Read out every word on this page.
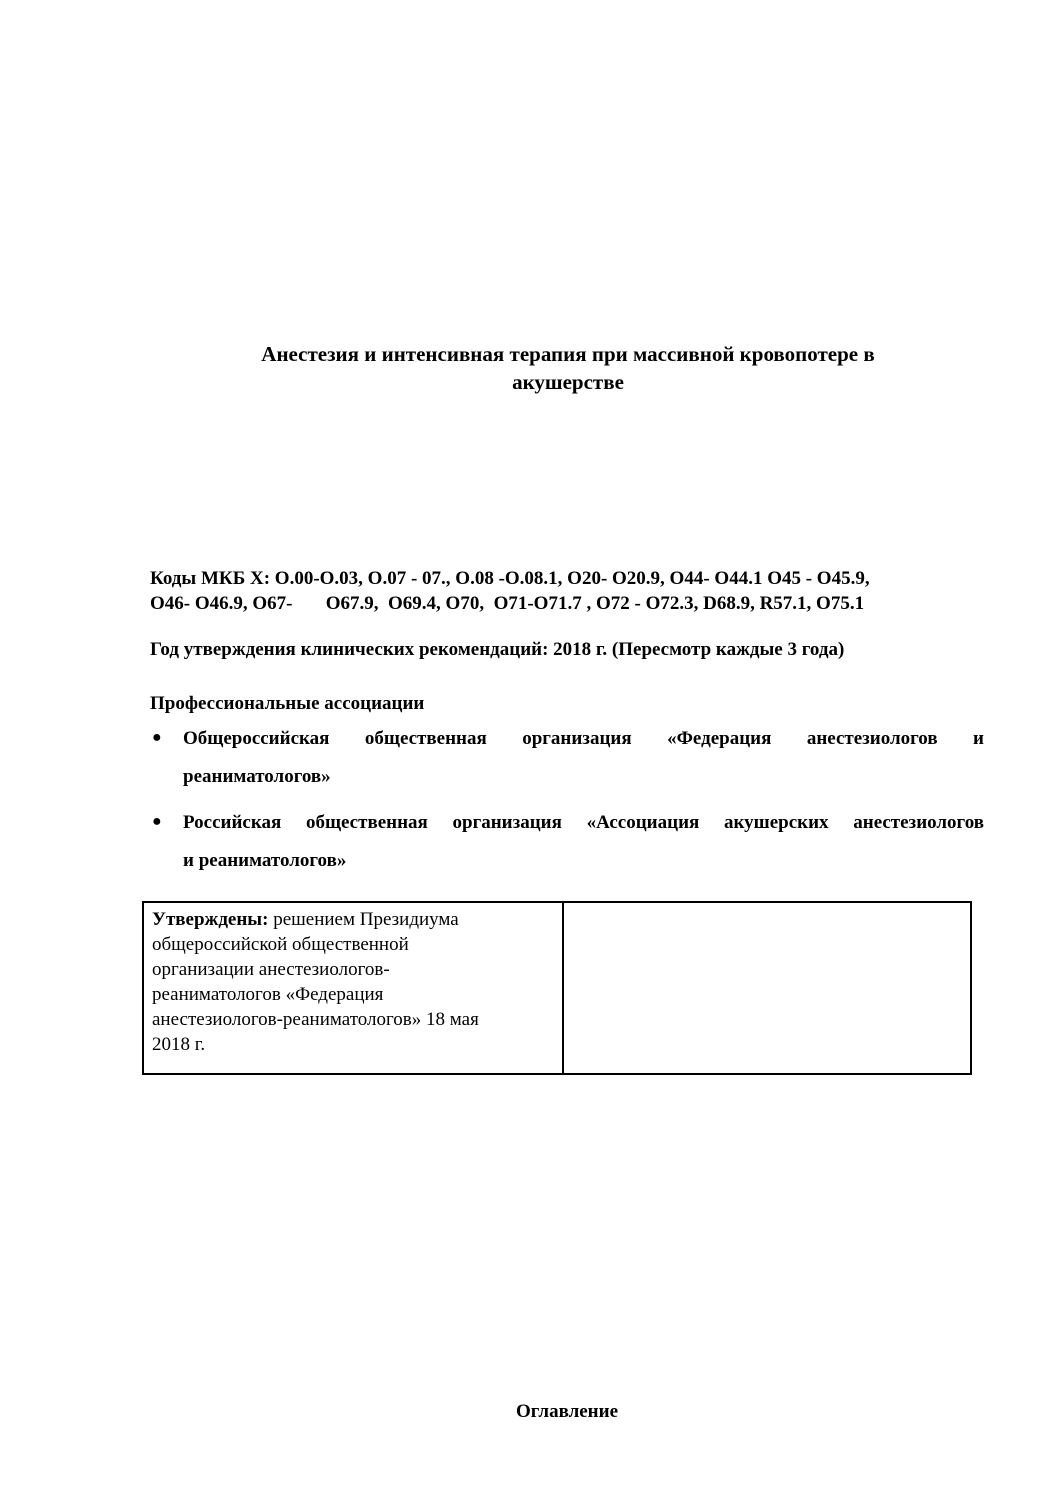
Анестезия и интенсивная терапия при массивной кровопотере в
акушерстве
Коды МКБ Х: О.00-О.03, О.07 - 07., О.08 -О.08.1, О20- О20.9, О44- О44.1 О45 - О45.9,
О46- О46.9, О67-       О67.9,  О69.4, О70,  О71-О71.7 , О72 - О72.3, D68.9, R57.1, О75.1
Год утверждения клинических рекомендаций: 2018 г. (Пересмотр каждые 3 года)
Профессиональные ассоциации
● Общероссийская общественная организация «Федерация анестезиологов и
реаниматологов»
● Российская общественная организация «Ассоциация акушерских анестезиологов
и реаниматологов»
Утверждены: решением Президиума
общероссийской общественной
организации анестезиологов-
реаниматологов «Федерация
анестезиологов-реаниматологов» 18 мая
2018 г.
Оглавление
